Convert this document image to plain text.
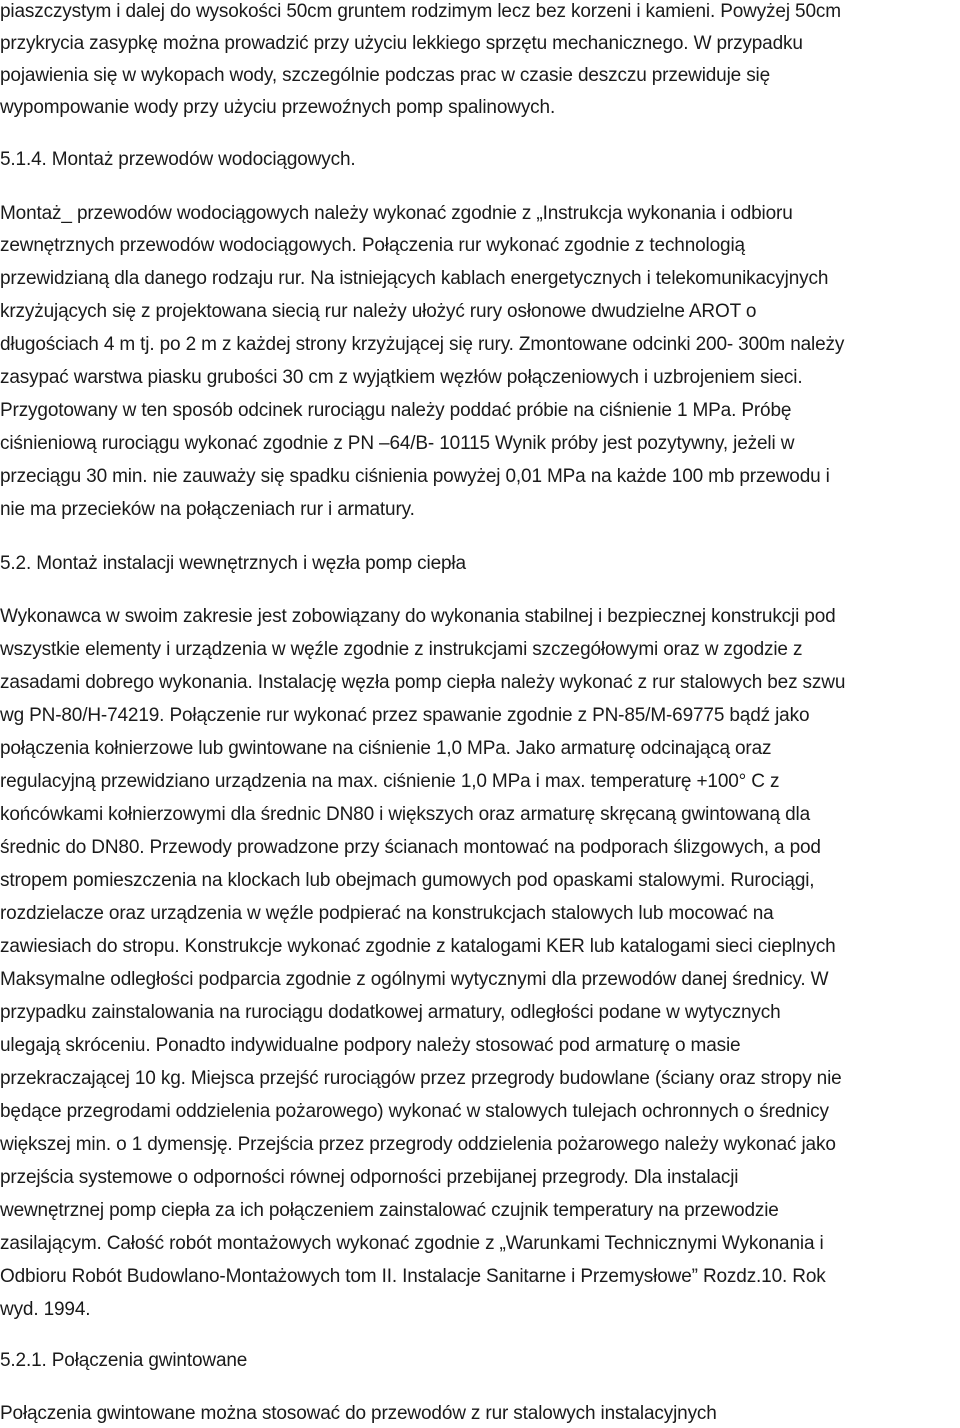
piaszczystym i dalej do wysokości 50cm gruntem rodzimym lecz bez korzeni i kamieni. Powyżej 50cm

przykrycia zasypkę można prowadzić przy użyciu lekkiego sprzętu mechanicznego. W przypadku

pojawienia się w wykopach wody, szczególnie podczas prac w czasie deszczu przewiduje się

wypompowanie wody przy użyciu przewoźnych pomp spalinowych.

5.1.4. Montaż przewodów wodociągowych.

Montaż_ przewodów wodociągowych należy wykonać zgodnie z „Instrukcja wykonania i odbioru

zewnętrznych przewodów wodociągowych. Połączenia rur wykonać zgodnie z technologią

przewidzianą dla danego rodzaju rur. Na istniejących kablach energetycznych i telekomunikacyjnych

krzyżujących się z projektowana siecią rur należy ułożyć rury osłonowe dwudzielne AROT o

długościach 4 m tj. po 2 m z każdej strony krzyżującej się rury. Zmontowane odcinki 200- 300m należy

zasypać warstwa piasku grubości 30 cm z wyjątkiem węzłów połączeniowych i uzbrojeniem sieci.

Przygotowany w ten sposób odcinek rurociągu należy poddać próbie na ciśnienie 1 MPa. Próbę

ciśnieniową rurociągu wykonać zgodnie z PN –64/B- 10115 Wynik próby jest pozytywny, jeżeli w

przeciągu 30 min. nie zauważy się spadku ciśnienia powyżej 0,01 MPa na każde 100 mb przewodu i

nie ma przecieków na połączeniach rur i armatury.

5.2. Montaż instalacji wewnętrznych i węzła pomp ciepła

Wykonawca w swoim zakresie jest zobowiązany do wykonania stabilnej i bezpiecznej konstrukcji pod

wszystkie elementy i urządzenia w węźle zgodnie z instrukcjami szczegółowymi oraz w zgodzie z

zasadami dobrego wykonania. Instalację węzła pomp ciepła należy wykonać z rur stalowych bez szwu

wg PN-80/H-74219. Połączenie rur wykonać przez spawanie zgodnie z PN-85/M-69775 bądź jako

połączenia kołnierzowe lub gwintowane na ciśnienie 1,0 MPa. Jako armaturę odcinającą oraz

regulacyjną przewidziano urządzenia na max. ciśnienie 1,0 MPa i max. temperaturę +100° C z

końcówkami kołnierzowymi dla średnic DN80 i większych oraz armaturę skręcaną gwintowaną dla

średnic do DN80. Przewody prowadzone przy ścianach montować na podporach ślizgowych, a pod

stropem pomieszczenia na klockach lub obejmach gumowych pod opaskami stalowymi. Rurociągi,

rozdzielacze oraz urządzenia w węźle podpierać na konstrukcjach stalowych lub mocować na

zawiesiach do stropu. Konstrukcje wykonać zgodnie z katalogami KER lub katalogami sieci cieplnych

Maksymalne odległości podparcia zgodnie z ogólnymi wytycznymi dla przewodów danej średnicy. W

przypadku zainstalowania na rurociągu dodatkowej armatury, odległości podane w wytycznych

ulegają skróceniu. Ponadto indywidualne podpory należy stosować pod armaturę o masie

przekraczającej 10 kg. Miejsca przejść rurociągów przez przegrody budowlane (ściany oraz stropy nie

będące przegrodami oddzielenia pożarowego) wykonać w stalowych tulejach ochronnych o średnicy

większej min. o 1 dymensję. Przejścia przez przegrody oddzielenia pożarowego należy wykonać jako

przejścia systemowe o odporności równej odporności przebijanej przegrody. Dla instalacji

wewnętrznej pomp ciepła za ich połączeniem zainstalować czujnik temperatury na przewodzie

zasilającym. Całość robót montażowych wykonać zgodnie z „Warunkami Technicznymi Wykonania i

Odbioru Robót Budowlano-Montażowych tom II. Instalacje Sanitarne i Przemysłowe” Rozdz.10. Rok

wyd. 1994.

5.2.1. Połączenia gwintowane

Połączenia gwintowane można stosować do przewodów z rur stalowych instalacyjnych
